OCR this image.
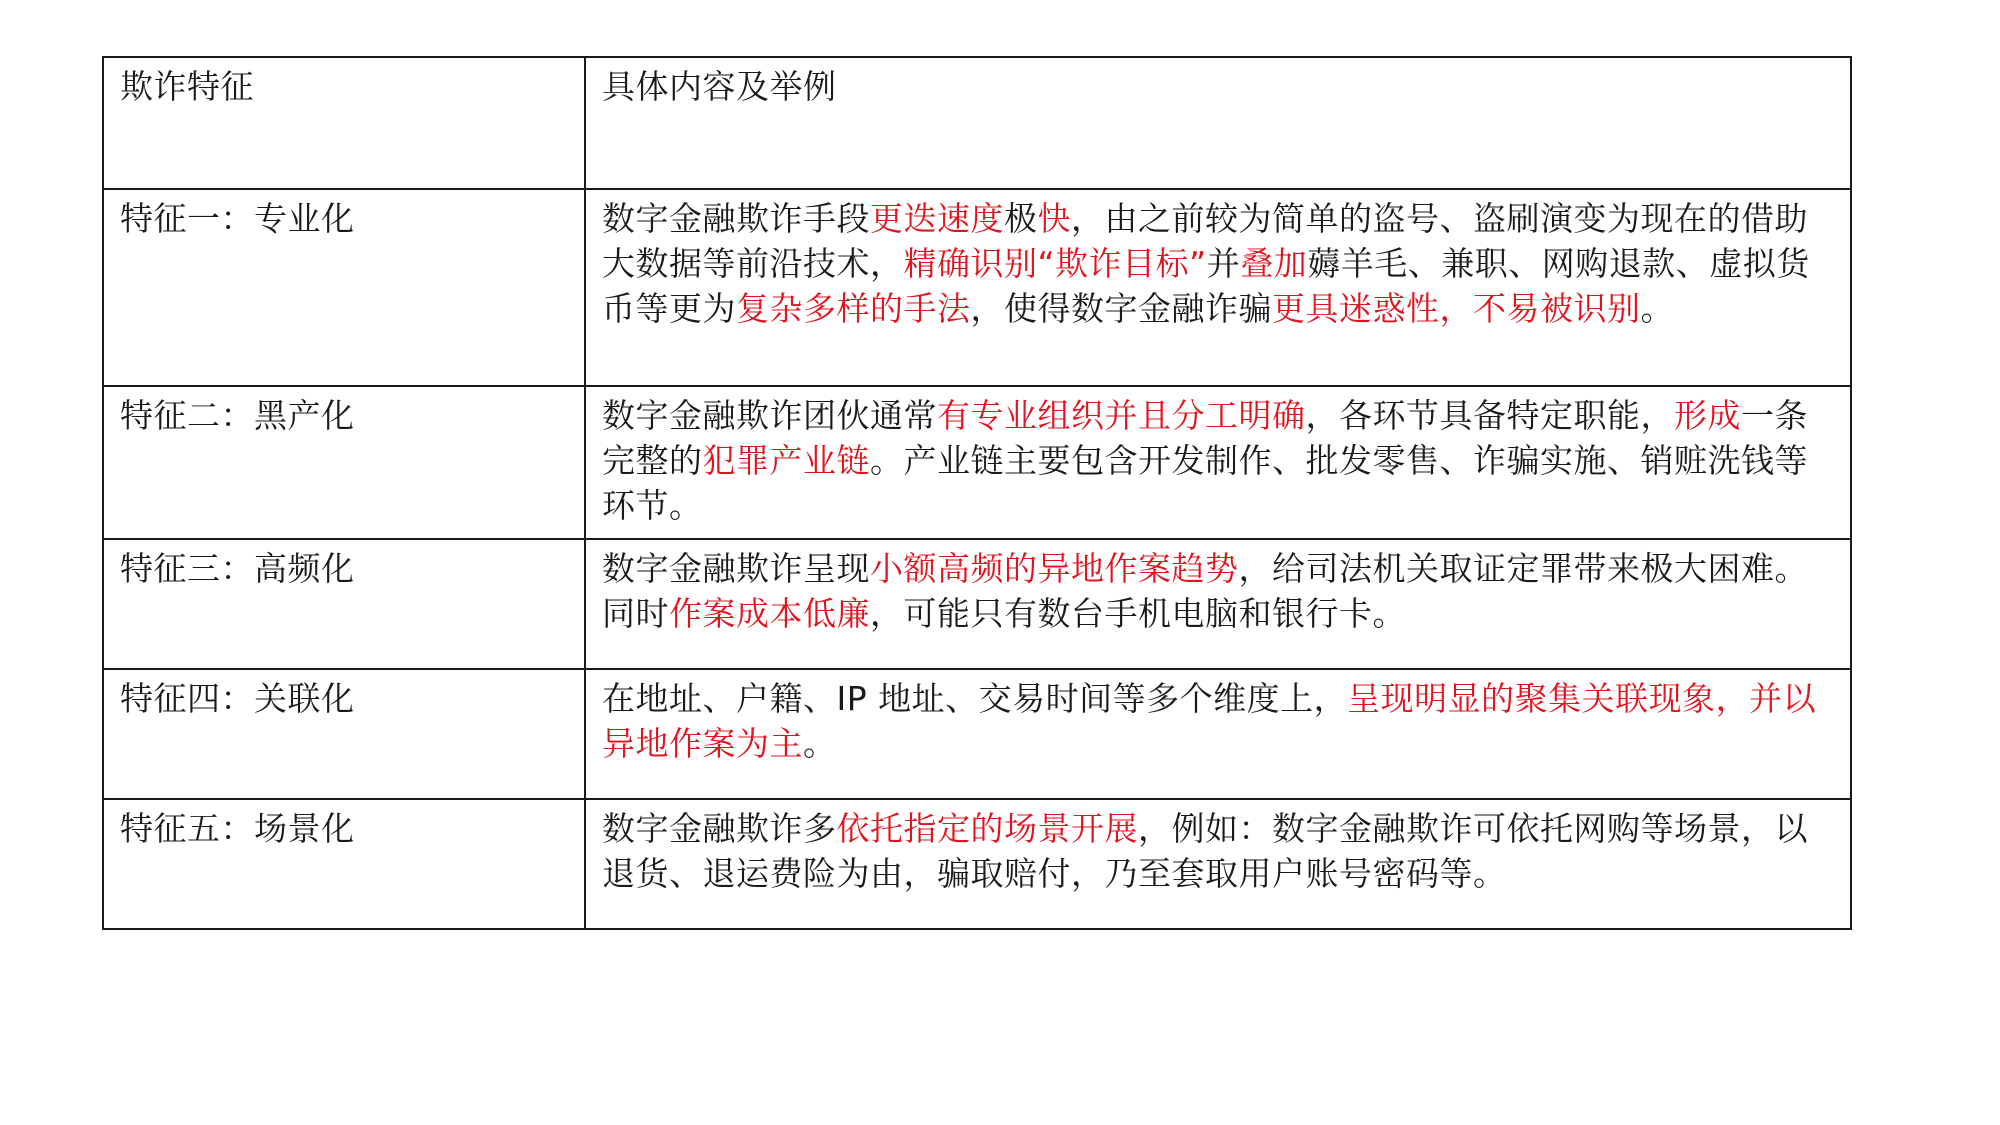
欺诈特征	具体内容及举例
特征一：专业化	数字金融欺诈手段更迭速度极快，由之前较为简单的盗号、盗刷演变为现在的借助大数据等前沿技术，精确识别“欺诈目标”并叠加薅羊毛、兼职、网购退款、虚拟货币等更为复杂多样的手法，使得数字金融诈骗更具迷惑性，不易被识别。
特征二：黑产化	数字金融欺诈团伙通常有专业组织并且分工明确，各环节具备特定职能，形成一条完整的犯罪产业链。产业链主要包含开发制作、批发零售、诈骗实施、销赃洗钱等环节。
特征三：高频化	数字金融欺诈呈现小额高频的异地作案趋势，给司法机关取证定罪带来极大困难。同时作案成本低廉，可能只有数台手机电脑和银行卡。
特征四：关联化	在地址、户籍、IP 地址、交易时间等多个维度上，呈现明显的聚集关联现象，并以异地作案为主。
特征五：场景化	数字金融欺诈多依托指定的场景开展，例如：数字金融欺诈可依托网购等场景，以退货、退运费险为由，骗取赔付，乃至套取用户账号密码等。
